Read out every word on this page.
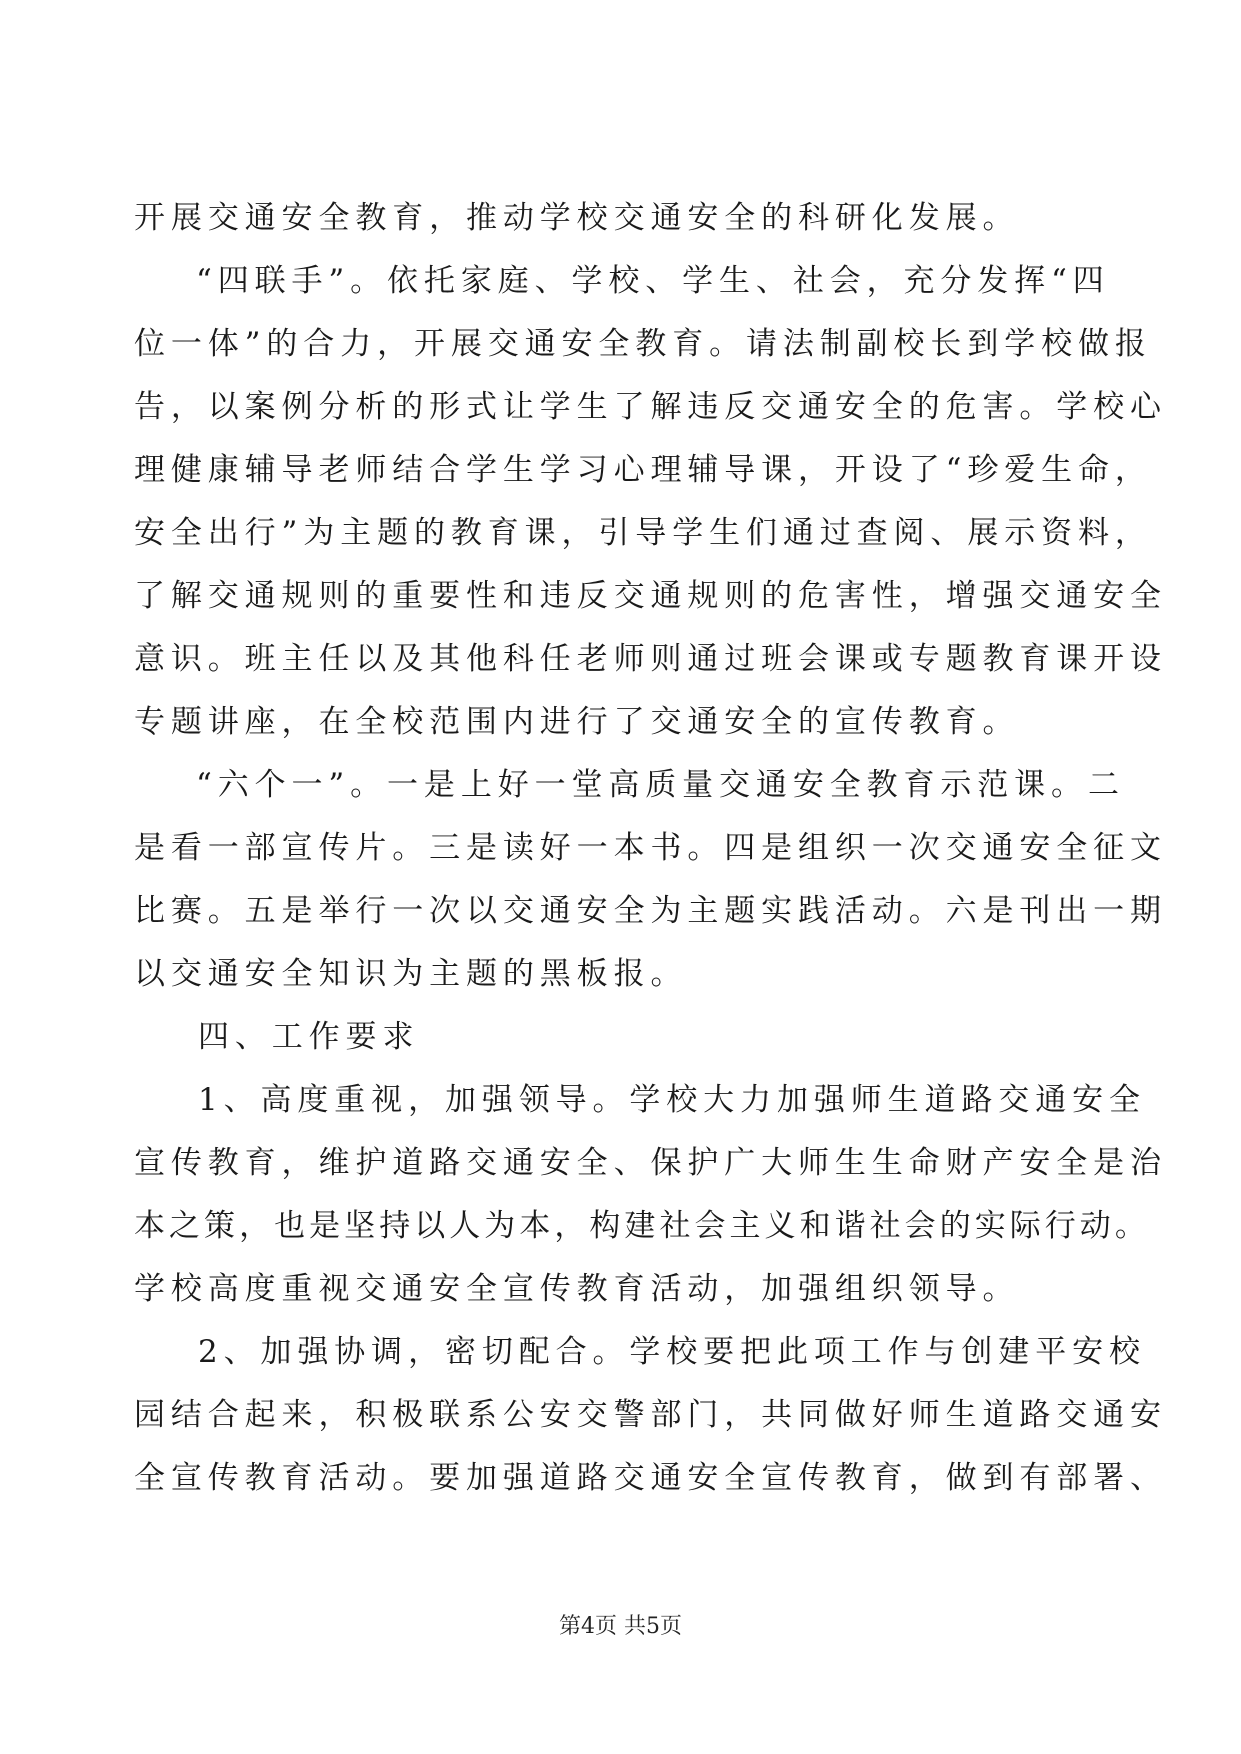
开展交通安全教育，推动学校交通安全的科研化发展。
“四联手”。依托家庭、学校、学生、社会，充分发挥“四
位一体”的合力，开展交通安全教育。请法制副校长到学校做报
告，以案例分析的形式让学生了解违反交通安全的危害。学校心
理健康辅导老师结合学生学习心理辅导课，开设了“珍爱生命，
安全出行”为主题的教育课，引导学生们通过查阅、展示资料，
了解交通规则的重要性和违反交通规则的危害性，增强交通安全
意识。班主任以及其他科任老师则通过班会课或专题教育课开设
专题讲座，在全校范围内进行了交通安全的宣传教育。
“六个一”。一是上好一堂高质量交通安全教育示范课。二
是看一部宣传片。三是读好一本书。四是组织一次交通安全征文
比赛。五是举行一次以交通安全为主题实践活动。六是刊出一期
以交通安全知识为主题的黑板报。
四、工作要求
1、高度重视，加强领导。学校大力加强师生道路交通安全
宣传教育，维护道路交通安全、保护广大师生生命财产安全是治
本之策，也是坚持以人为本，构建社会主义和谐社会的实际行动。
学校高度重视交通安全宣传教育活动，加强组织领导。
2、加强协调，密切配合。学校要把此项工作与创建平安校
园结合起来，积极联系公安交警部门，共同做好师生道路交通安
全宣传教育活动。要加强道路交通安全宣传教育，做到有部署、
第4页 共5页
